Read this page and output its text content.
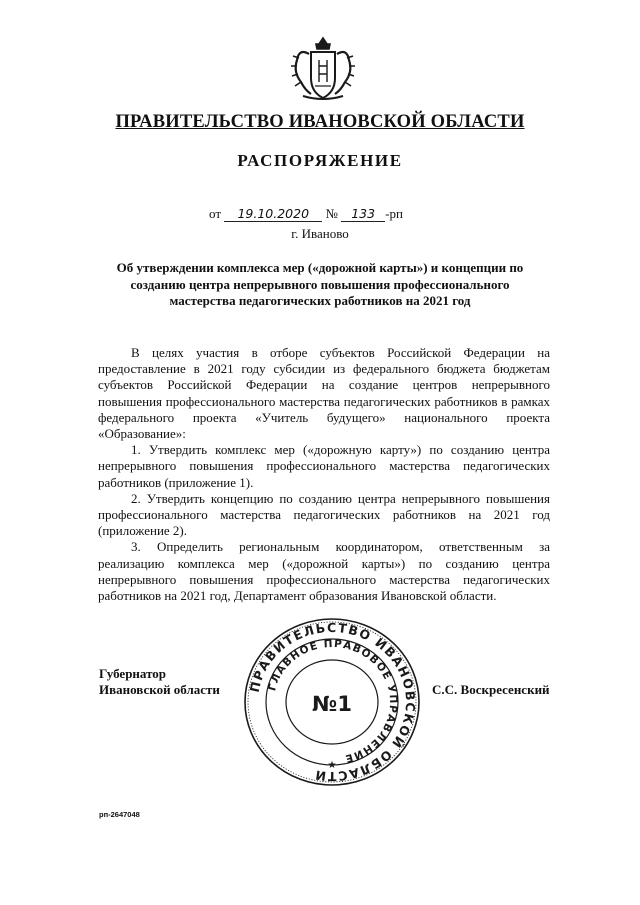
ПРАВИТЕЛЬСТВО ИВАНОВСКОЙ ОБЛАСТИ
РАСПОРЯЖЕНИЕ
от 19.10.2020 № 133 -рп
г. Иваново
Об утверждении комплекса мер («дорожной карты») и концепции по созданию центра непрерывного повышения профессионального мастерства педагогических работников на 2021 год

В целях участия в отборе субъектов Российской Федерации на предоставление в 2021 году субсидии из федерального бюджета бюджетам субъектов Российской Федерации на создание центров непрерывного повышения профессионального мастерства педагогических работников в рамках федерального проекта «Учитель будущего» национального проекта «Образование»:

1. Утвердить комплекс мер («дорожную карту») по созданию центра непрерывного повышения профессионального мастерства педагогических работников (приложение 1).

2. Утвердить концепцию по созданию центра непрерывного повышения профессионального мастерства педагогических работников на 2021 год (приложение 2).

3. Определить региональным координатором, ответственным за реализацию комплекса мер («дорожной карты») по созданию центра непрерывного повышения профессионального мастерства педагогических работников на 2021 год, Департамент образования Ивановской области.

Губернатор
Ивановской области	С.С. Воскресенский
ПРАВИТЕЛЬСТВО ИВАНОВСКОЙ ОБЛАСТИ
ГЛАВНОЕ ПРАВОВОЕ УПРАВЛЕНИЕ
№1
★
рп-2647048
